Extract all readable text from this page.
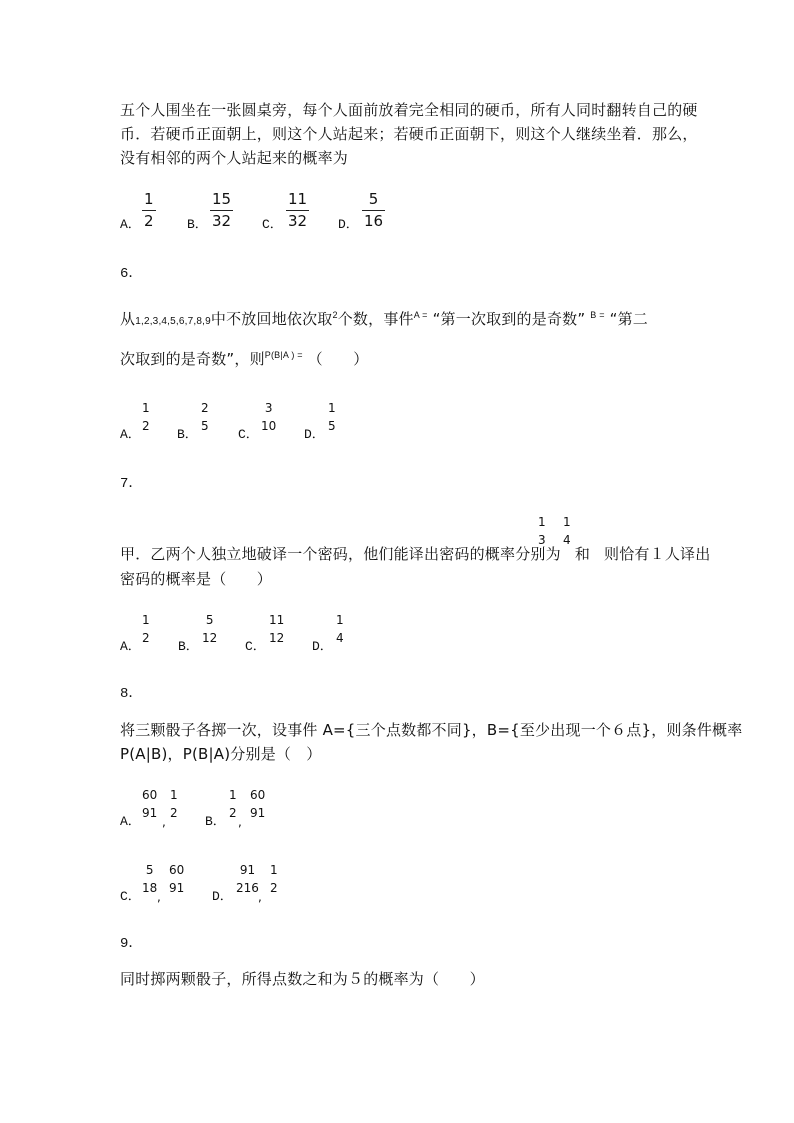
五个人围坐在一张圆桌旁，每个人面前放着完全相同的硬币，所有人同时翻转自己的硬
币．若硬币正面朝上，则这个人站起来；若硬币正面朝下，则这个人继续坐着．那么，
没有相邻的两个人站起来的概率为
A． $\frac{1}{2}$ B． $\frac{15}{32}$ C． $\frac{11}{32}$ D． $\frac{5}{16}$
6．
从1,2,3,4,5,6,7,8,9中不放回地依次取$^2$个数，事件$^{A =}$ “第一次取到的是奇数” $^{B =}$ “第二
次取到的是奇数”，则$^{P(B|A ) =}$ （　　）
A．
1
2
B．
2
5
C．
3
10
D．
1
5
7．
甲．乙两个人独立地破译一个密码，他们能译出密码的概率分别为 和 则恰有１人译出
1
3
1
4
密码的概率是（　　）
A．
1
2
B．
5
12
C．
11
12
D．
1
4
8．
将三颗骰子各掷一次，设事件 A={三个点数都不同}，B={至少出现一个６点}，则条件概率
P(A|B)，P(B|A)分别是（　）
A．
60
91
,
1
2
B．
1
2
,
60
91
C．
5
18
,
60
91
D．
91
216
,
1
2
9．
同时掷两颗骰子，所得点数之和为５的概率为（　　）
